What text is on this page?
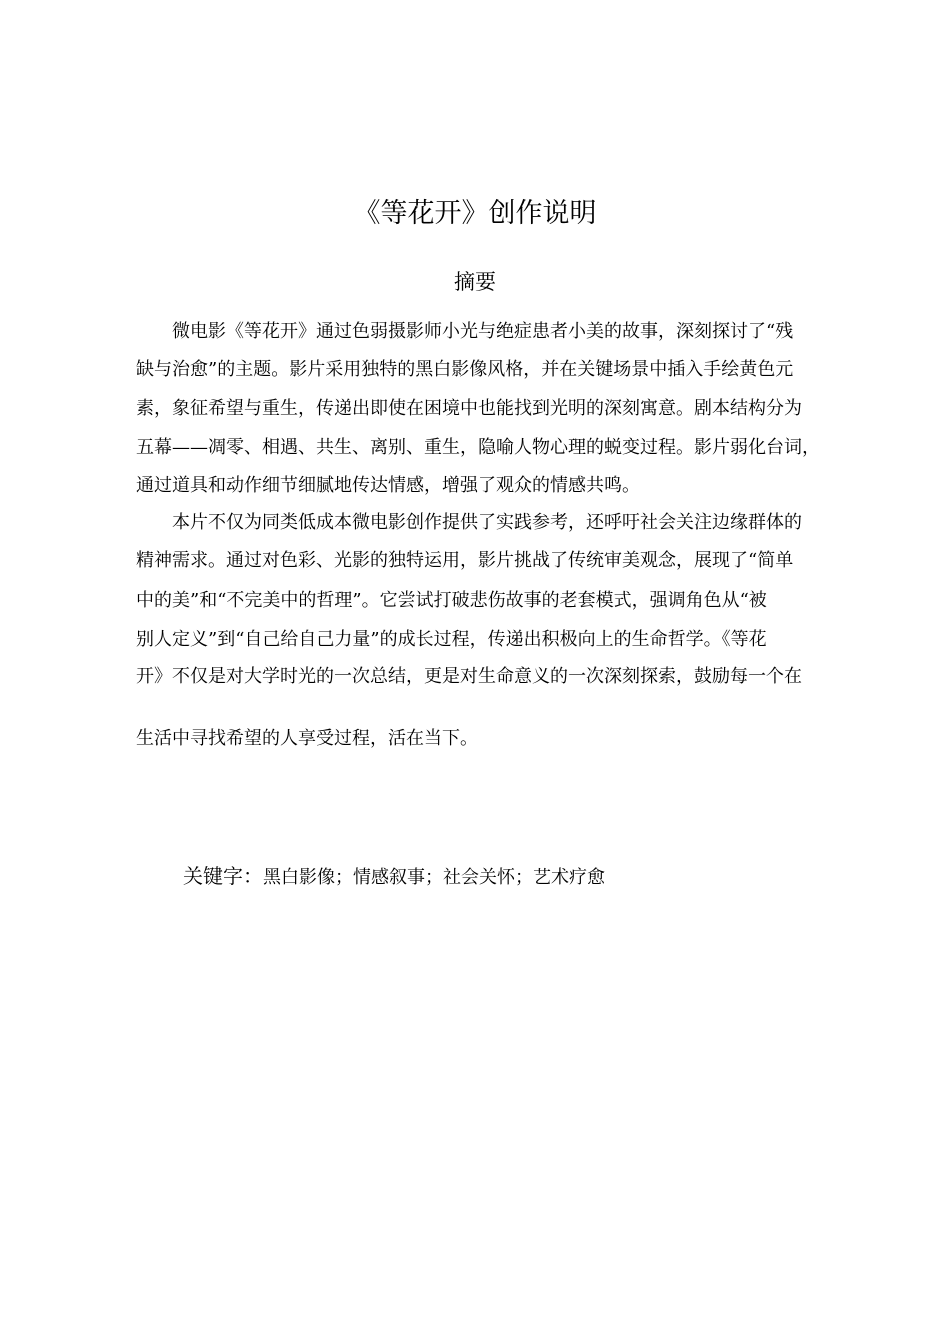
《等花开》创作说明
摘要
微电影《等花开》通过色弱摄影师小光与绝症患者小美的故事，深刻探讨了“残
缺与治愈”的主题。影片采用独特的黑白影像风格，并在关键场景中插入手绘黄色元
素，象征希望与重生，传递出即使在困境中也能找到光明的深刻寓意。剧本结构分为
五幕——凋零、相遇、共生、离别、重生，隐喻人物心理的蜕变过程。影片弱化台词，
通过道具和动作细节细腻地传达情感，增强了观众的情感共鸣。
本片不仅为同类低成本微电影创作提供了实践参考，还呼吁社会关注边缘群体的
精神需求。通过对色彩、光影的独特运用，影片挑战了传统审美观念，展现了“简单
中的美”和“不完美中的哲理”。它尝试打破悲伤故事的老套模式，强调角色从“被
别人定义”到“自己给自己力量”的成长过程，传递出积极向上的生命哲学。《等花
开》不仅是对大学时光的一次总结，更是对生命意义的一次深刻探索，鼓励每一个在
生活中寻找希望的人享受过程，活在当下。
关键字：黑白影像；情感叙事；社会关怀；艺术疗愈
